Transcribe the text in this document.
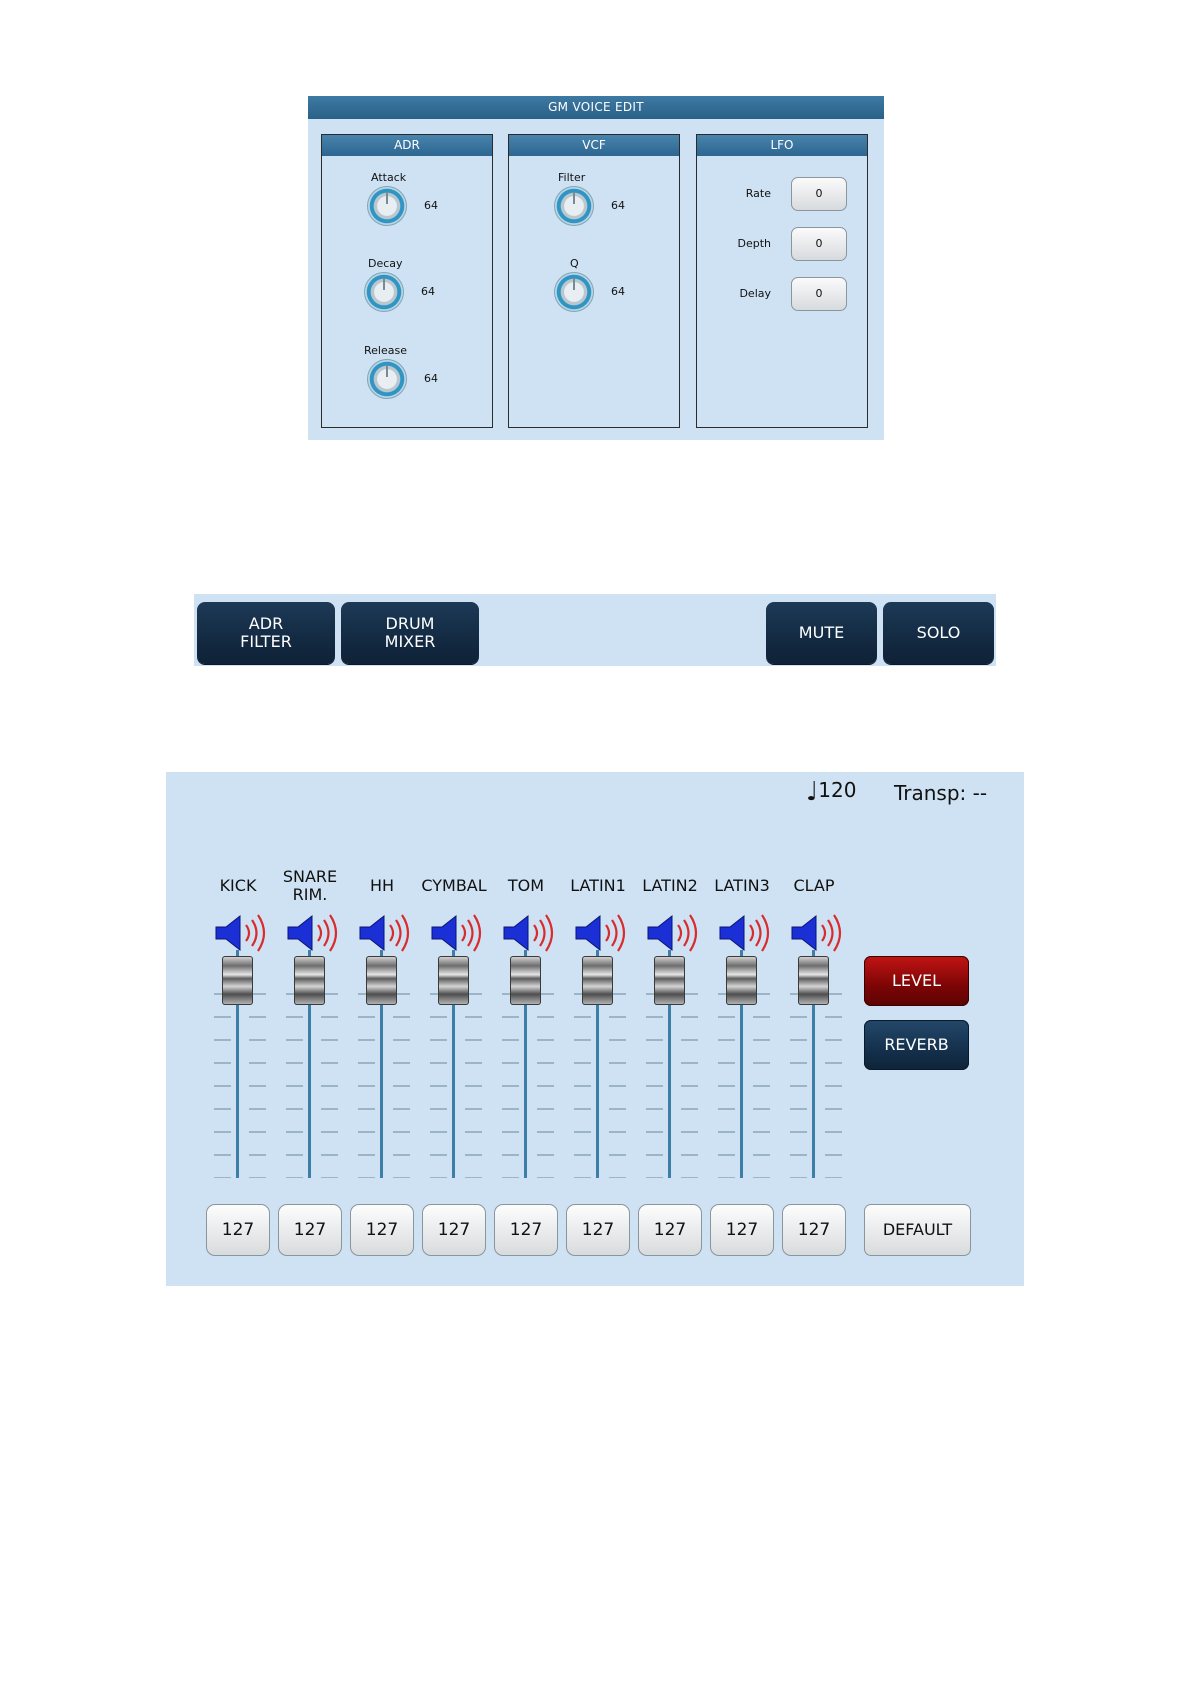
GM VOICE EDIT
ADR
Attack
64
Decay
64
Release
64
VCF
Filter
64
Q
64
LFO
Rate	0
Depth	0
Delay	0
ADR
FILTER
DRUM
MIXER	MUTE	SOLO
♩120 Transp: --
KICK
127
SNARE
RIM.
127
HH
127
CYMBAL
127
TOM
127
LATIN1
127
LATIN2
127
LATIN3
127
CLAP
127
LEVEL
REVERB
DEFAULT
